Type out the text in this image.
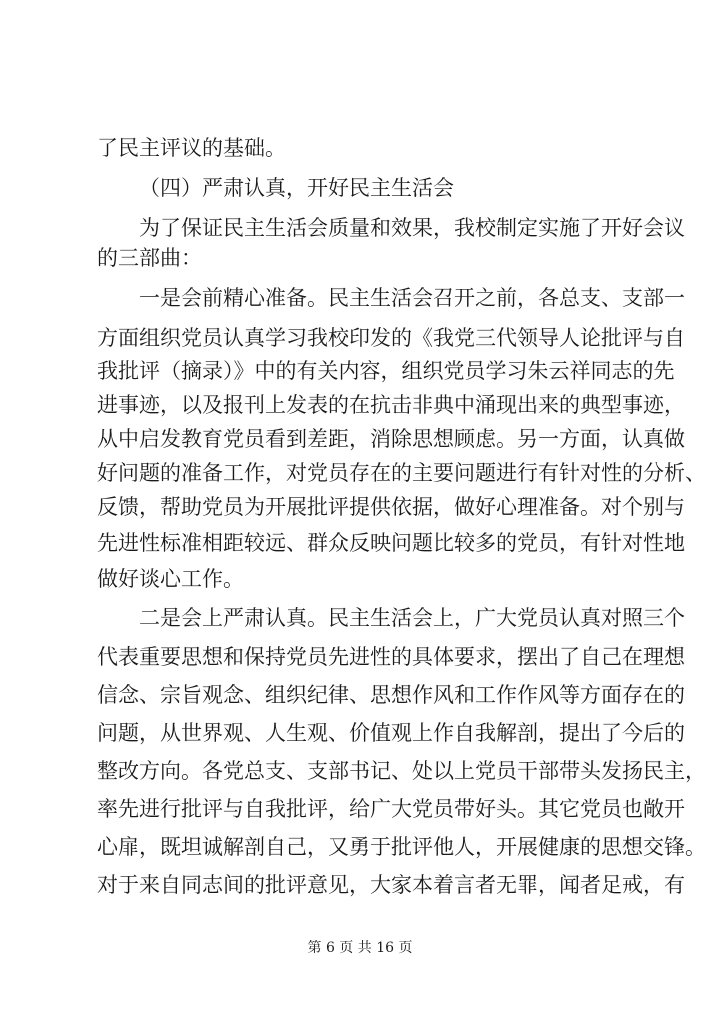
了民主评议的基础。
（四）严肃认真，开好民主生活会
为了保证民主生活会质量和效果，我校制定实施了开好会议
的三部曲：
一是会前精心准备。民主生活会召开之前，各总支、支部一
方面组织党员认真学习我校印发的《我党三代领导人论批评与自
我批评（摘录）》中的有关内容，组织党员学习朱云祥同志的先
进事迹，以及报刊上发表的在抗击非典中涌现出来的典型事迹，
从中启发教育党员看到差距，消除思想顾虑。另一方面，认真做
好问题的准备工作，对党员存在的主要问题进行有针对性的分析、
反馈，帮助党员为开展批评提供依据，做好心理准备。对个别与
先进性标准相距较远、群众反映问题比较多的党员，有针对性地
做好谈心工作。
二是会上严肃认真。民主生活会上，广大党员认真对照三个
代表重要思想和保持党员先进性的具体要求，摆出了自己在理想
信念、宗旨观念、组织纪律、思想作风和工作作风等方面存在的
问题，从世界观、人生观、价值观上作自我解剖，提出了今后的
整改方向。各党总支、支部书记、处以上党员干部带头发扬民主，
率先进行批评与自我批评，给广大党员带好头。其它党员也敞开
心扉，既坦诚解剖自己，又勇于批评他人，开展健康的思想交锋。
对于来自同志间的批评意见，大家本着言者无罪，闻者足戒，有
第 6 页 共 16 页
